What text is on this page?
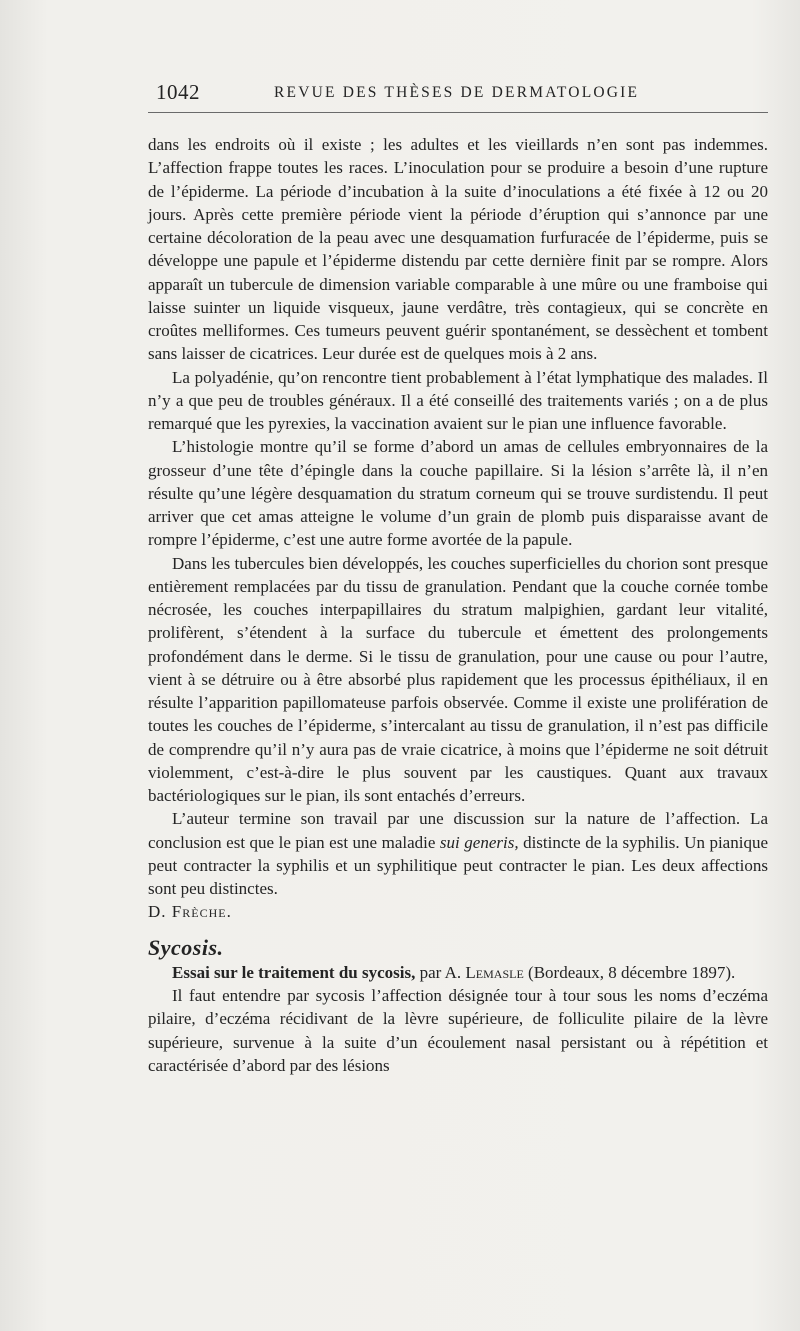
1042	REVUE DES THÈSES DE DERMATOLOGIE

dans les endroits où il existe ; les adultes et les vieillards n’en sont pas indemmes. L’affection frappe toutes les races. L’inoculation pour se produire a besoin d’une rupture de l’épiderme. La période d’incubation à la suite d’inoculations a été fixée à 12 ou 20 jours. Après cette première période vient la période d’éruption qui s’annonce par une certaine décoloration de la peau avec une desquamation furfuracée de l’épiderme, puis se développe une papule et l’épiderme distendu par cette dernière finit par se rompre. Alors apparaît un tubercule de dimension variable comparable à une mûre ou une framboise qui laisse suinter un liquide visqueux, jaune verdâtre, très contagieux, qui se concrète en croûtes melliformes. Ces tumeurs peuvent guérir spontanément, se dessèchent et tombent sans laisser de cicatrices. Leur durée est de quelques mois à 2 ans.

La polyadénie, qu’on rencontre tient probablement à l’état lymphatique des malades. Il n’y a que peu de troubles généraux. Il a été conseillé des traitements variés ; on a de plus remarqué que les pyrexies, la vaccination avaient sur le pian une influence favorable.

L’histologie montre qu’il se forme d’abord un amas de cellules embryonnaires de la grosseur d’une tête d’épingle dans la couche papillaire. Si la lésion s’arrête là, il n’en résulte qu’une légère desquamation du stratum corneum qui se trouve surdistendu. Il peut arriver que cet amas atteigne le volume d’un grain de plomb puis disparaisse avant de rompre l’épiderme, c’est une autre forme avortée de la papule.

Dans les tubercules bien développés, les couches superficielles du chorion sont presque entièrement remplacées par du tissu de granulation. Pendant que la couche cornée tombe nécrosée, les couches interpapillaires du stratum malpighien, gardant leur vitalité, prolifèrent, s’étendent à la surface du tubercule et émettent des prolongements profondément dans le derme. Si le tissu de granulation, pour une cause ou pour l’autre, vient à se détruire ou à être absorbé plus rapidement que les processus épithéliaux, il en résulte l’apparition papillomateuse parfois observée. Comme il existe une prolifération de toutes les couches de l’épiderme, s’intercalant au tissu de granulation, il n’est pas difficile de comprendre qu’il n’y aura pas de vraie cicatrice, à moins que l’épiderme ne soit détruit violemment, c’est-à-dire le plus souvent par les caustiques. Quant aux travaux bactériologiques sur le pian, ils sont entachés d’erreurs.

L’auteur termine son travail par une discussion sur la nature de l’affection. La conclusion est que le pian est une maladie sui generis, distincte de la syphilis. Un pianique peut contracter la syphilis et un syphilitique peut contracter le pian. Les deux affections sont peu distinctes.

D. Frèche.

Sycosis.

Essai sur le traitement du sycosis, par A. Lemasle (Bordeaux, 8 décembre 1897).

Il faut entendre par sycosis l’affection désignée tour à tour sous les noms d’eczéma pilaire, d’eczéma récidivant de la lèvre supérieure, de folliculite pilaire de la lèvre supérieure, survenue à la suite d’un écoulement nasal persistant ou à répétition et caractérisée d’abord par des lésions
